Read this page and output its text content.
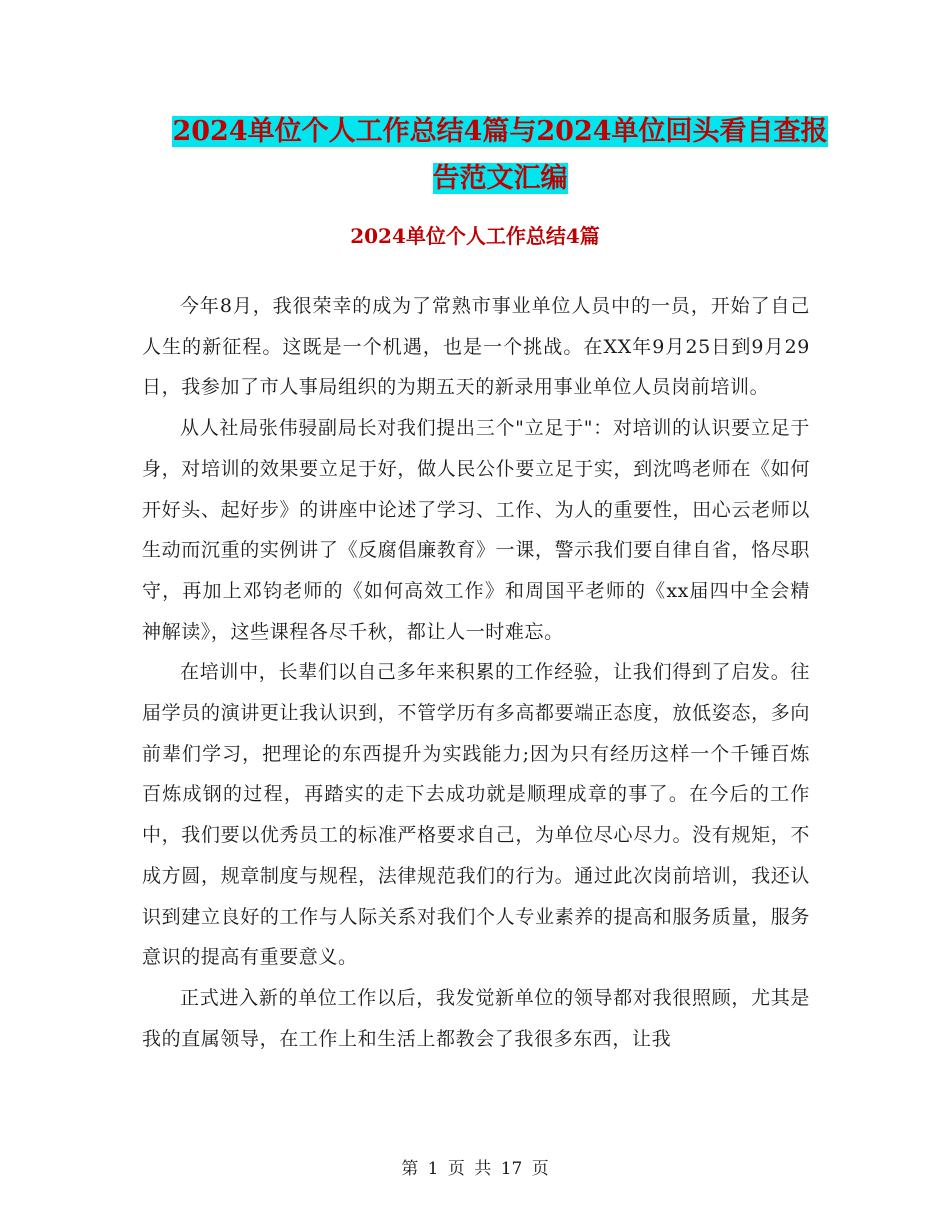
2024单位个人工作总结4篇与2024单位回头看自查报
告范文汇编
2024单位个人工作总结4篇

今年8月，我很荣幸的成为了常熟市事业单位人员中的一员，开始了自己人生的新征程。这既是一个机遇，也是一个挑战。在XX年9月25日到9月29日，我参加了市人事局组织的为期五天的新录用事业单位人员岗前培训。

从人社局张伟骎副局长对我们提出三个"立足于"：对培训的认识要立足于身，对培训的效果要立足于好，做人民公仆要立足于实，到沈鸣老师在《如何开好头、起好步》的讲座中论述了学习、工作、为人的重要性，田心云老师以生动而沉重的实例讲了《反腐倡廉教育》一课，警示我们要自律自省，恪尽职守，再加上邓钧老师的《如何高效工作》和周国平老师的《xx届四中全会精神解读》，这些课程各尽千秋，都让人一时难忘。

在培训中，长辈们以自己多年来积累的工作经验，让我们得到了启发。往届学员的演讲更让我认识到，不管学历有多高都要端正态度，放低姿态，多向前辈们学习，把理论的东西提升为实践能力;因为只有经历这样一个千锤百炼百炼成钢的过程，再踏实的走下去成功就是顺理成章的事了。在今后的工作中，我们要以优秀员工的标准严格要求自己，为单位尽心尽力。没有规矩，不成方圆，规章制度与规程，法律规范我们的行为。通过此次岗前培训，我还认识到建立良好的工作与人际关系对我们个人专业素养的提高和服务质量，服务意识的提高有重要意义。

正式进入新的单位工作以后，我发觉新单位的领导都对我很照顾，尤其是我的直属领导，在工作上和生活上都教会了我很多东西，让我

第 1 页 共 17 页
